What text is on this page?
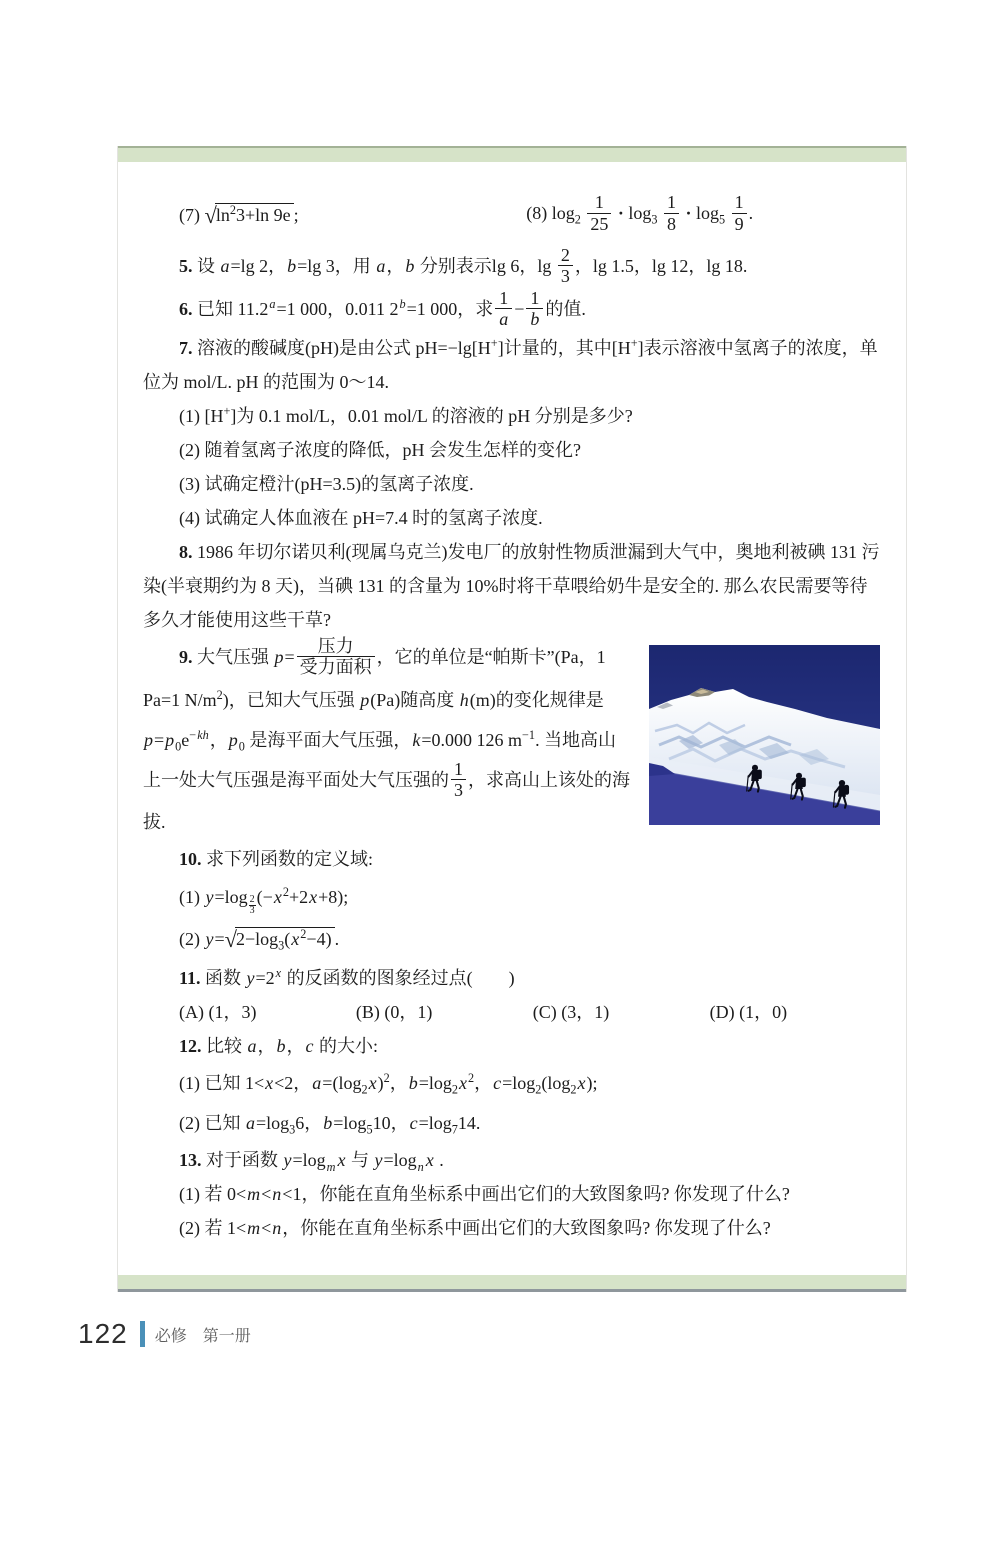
(7) $√\ln^23+\ln$ 9e ;	(8) $\log_2 \frac{1}{25} \cdot \log_3 \frac{1}{8} \cdot \log_5 \frac{1}{9}$ .

5. 设 a=lg 2，b=lg 3，用 a，b 分别表示lg 6，$\lg \frac{2}{3}$ ，lg 1.5，lg 12，lg 18.

6. 已知 11.2$^a$=1 000，0.011 $2^b=1$ 000，求 $\frac{1}{a} - \frac{1}{b}$ 的值.

7. 溶液的酸碱度(pH)是由公式 pH=−lg[H+]计量的，其中[H+]表示溶液中氢离子的浓度，单位为 mol/L. pH 的范围为 0～14.

(1) [H+]为 0.1 mol/L，0.01 mol/L 的溶液的 pH 分别是多少?

(2) 随着氢离子浓度的降低，pH 会发生怎样的变化?

(3) 试确定橙汁(pH=3.5)的氢离子浓度.

(4) 试确定人体血液在 pH=7.4 时的氢离子浓度.

8. 1986 年切尔诺贝利(现属乌克兰)发电厂的放射性物质泄漏到大气中，奥地利被碘 131 污染(半衰期约为 8 天)，当碘 131 的含量为 10%时将干草喂给奶牛是安全的. 那么农民需要等待多久才能使用这些干草?

9. 大气压强 p=
压力
受力面积
，它的单位是“帕斯卡”(Pa，1 Pa=1 $N/m^2$)，已知大气压强 p(Pa)随高度 h(m)的变化规律是 $p=p_0e^{-kh}$，$p_0$ 是海平面大气压强，k=0.000 126 $m^{-1}$. 当地高山上一处大气压强是海平面处大气压强的 $\frac{1}{3}$ ，求高山上该处的海拔.

10. 求下列函数的定义域:

(1) y=log $_{\frac{2}{3}}$ $(-x^2+2x+8)$;

(2) $y=√2-\log_3(x^2-4)$ .

11. 函数 $y=2^x$ 的反函数的图象经过点(　　)

(A) (1，3)	(B) (0，1)	(C) (3，1)	(D) (1，0)

12. 比较 a，b，c 的大小:

(1) 已知 1<x<2，$a=(\log_2x)^2$，$b=\log_2x^2$，$c=\log_2(\log_2x)$;

(2) 已知 $a=\log_36$，$b=\log_510$，$c=\log_714$.

13. 对于函数 $y=\log_m$ x 与 $y=\log_n$ x .

(1) 若 0<m<n<1，你能在直角坐标系中画出它们的大致图象吗? 你发现了什么?

(2) 若 1<m<n，你能在直角坐标系中画出它们的大致图象吗? 你发现了什么?

122 必修　第一册
